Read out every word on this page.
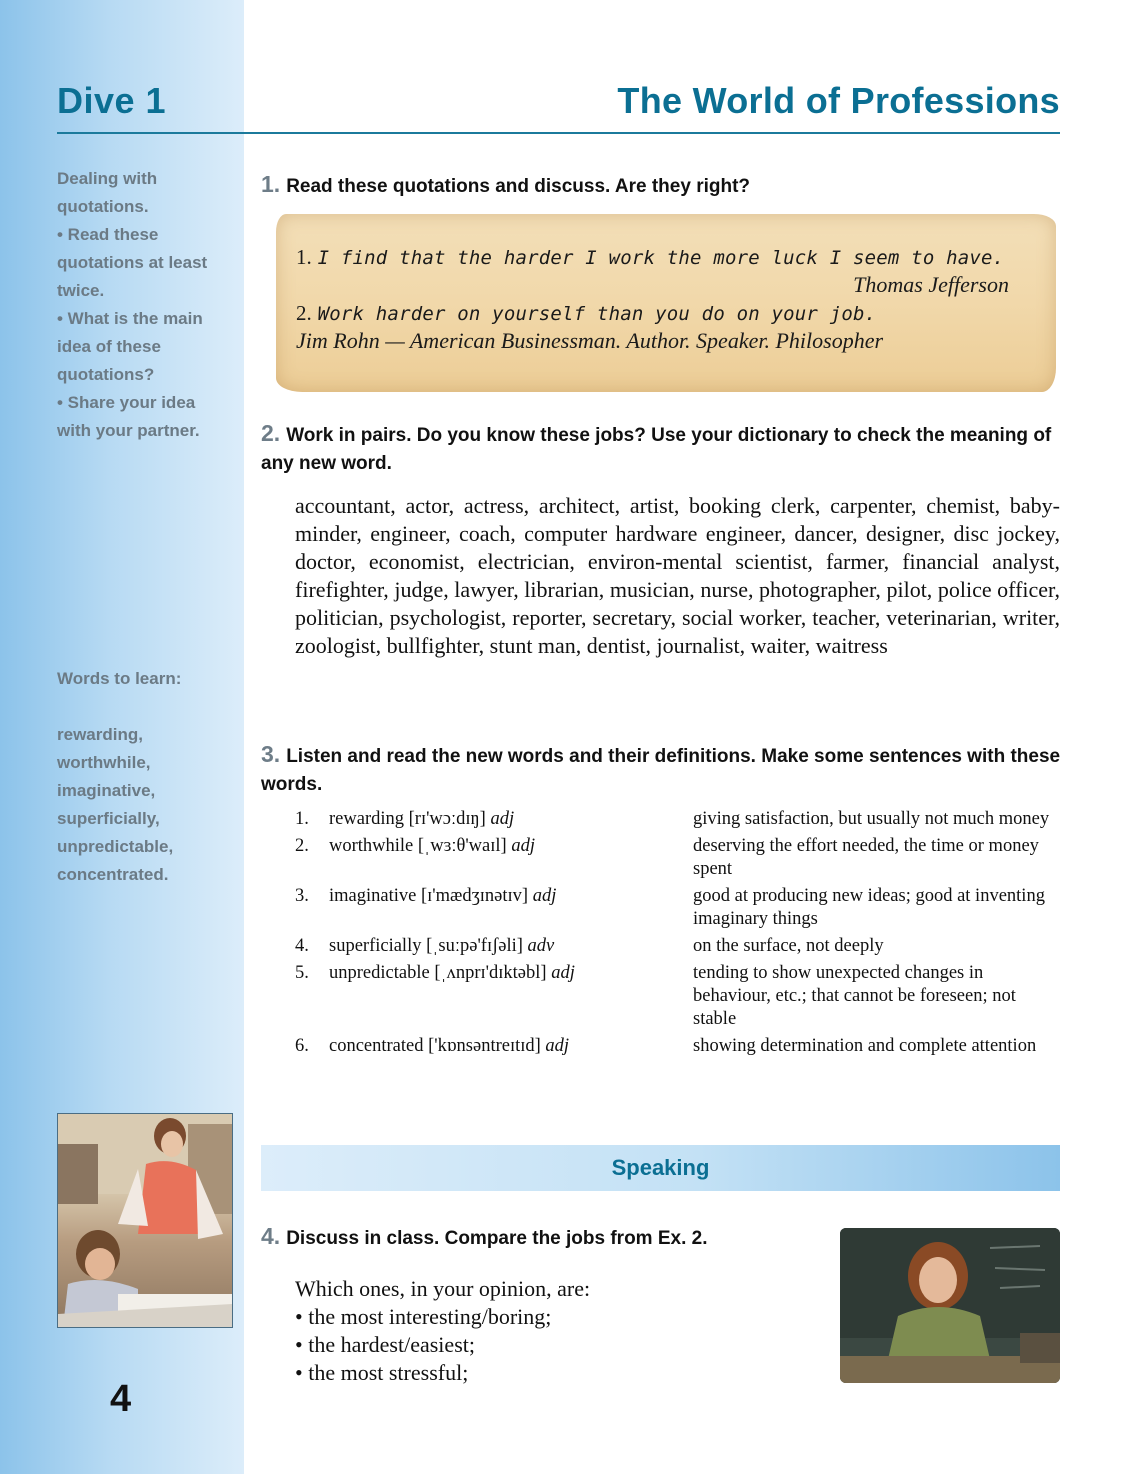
Dive 1	The World of Professions
Dealing with quotations.
• Read these quotations at least twice.
• What is the main idea of these quotations?
• Share your idea with your partner.
Words to learn:
rewarding,
worthwhile,
imaginative,
superficially,
unpredictable,
concentrated.
4
1. Read these quotations and discuss. Are they right?
1. I find that the harder I work the more luck I seem to have.
Thomas Jefferson
2. Work harder on yourself than you do on your job.
Jim Rohn — American Businessman. Author. Speaker. Philosopher
2. Work in pairs. Do you know these jobs? Use your dictionary to check the meaning of any new word.
accountant, actor, actress, architect, artist, booking clerk, carpenter, chemist, baby-minder, engineer, coach, computer hardware engineer, dancer, designer, disc jockey, doctor, economist, electrician, environ-mental scientist, farmer, financial analyst, firefighter, judge, lawyer, librarian, musician, nurse, photographer, pilot, police officer, politician, psychologist, reporter, secretary, social worker, teacher, veterinarian, writer, zoologist, bullfighter, stunt man, dentist, journalist, waiter, waitress
3. Listen and read the new words and their definitions. Make some sentences with these words.
1.	rewarding [rɪ'wɔːdɪŋ] adj	giving satisfaction, but usually not much money
2.	worthwhile [ˌwɜːθ'waɪl] adj	deserving the effort needed, the time or money spent
3.	imaginative [ɪ'mædʒɪnətɪv] adj	good at producing new ideas; good at inventing imaginary things
4.	superficially [ˌsuːpə'fɪʃəli] adv	on the surface, not deeply
5.	unpredictable [ˌʌnprɪ'dɪktəbl] adj	tending to show unexpected changes in behaviour, etc.; that cannot be foreseen; not stable
6.	concentrated ['kɒnsəntreɪtɪd] adj	showing determination and complete attention
Speaking
4. Discuss in class. Compare the jobs from Ex. 2.
Which ones, in your opinion, are:
• the most interesting/boring;
• the hardest/easiest;
• the most stressful;
